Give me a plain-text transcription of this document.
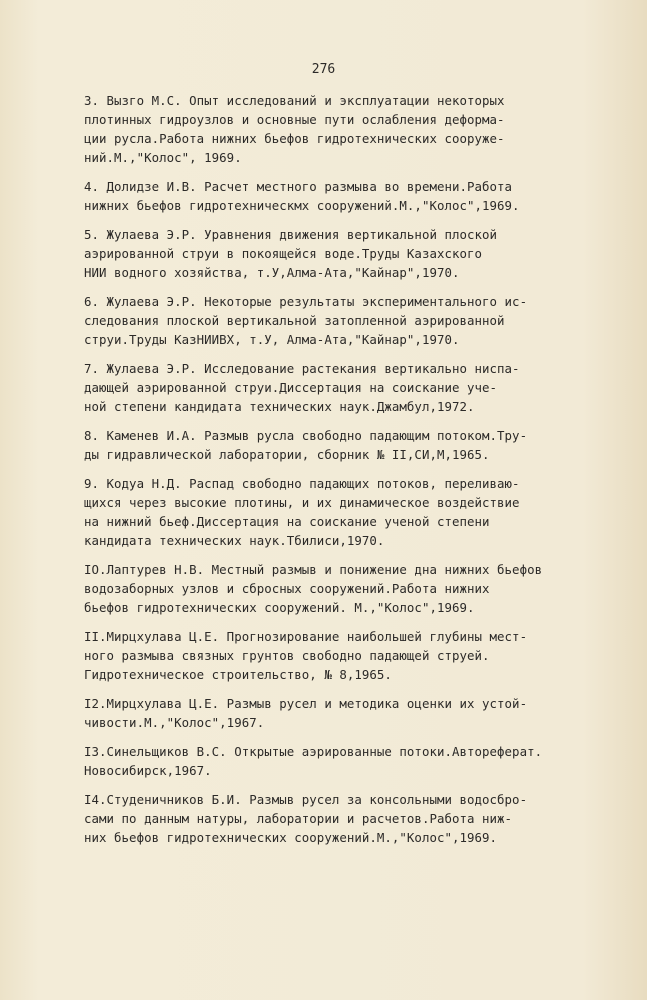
276
3. Вызго М.С. Опыт исследований и эксплуатации некоторых
плотинных гидроузлов и основные пути ослабления деформа-
ции русла.Работа нижних бьефов гидротехнических сооруже-
ний.М.,"Колос", 1969.
4. Долидзе И.В. Расчет местного размыва во времени.Работа
нижних бьефов гидротехническмх сооружений.М.,"Колос",1969.
5. Жулаева Э.Р. Уравнения движения вертикальной плоской
аэрированной струи в покоящейся воде.Труды Казахского
НИИ водного хозяйства, т.У,Алма-Ата,"Кайнар",1970.
6. Жулаева Э.Р. Некоторые результаты экспериментального ис-
следования плоской вертикальной затопленной аэрированной
струи.Труды КазНИИВХ, т.У, Алма-Ата,"Кайнар",1970.
7. Жулаева Э.Р. Исследование растекания вертикально ниспа-
дающей аэрированной струи.Диссертация на соискание уче-
ной степени кандидата технических наук.Джамбул,1972.
8. Каменев И.А. Размыв русла свободно падающим потоком.Тру-
ды гидравлической лаборатории, сборник № II,СИ,М,1965.
9. Кодуа Н.Д. Распад свободно падающих потоков, переливаю-
щихся через высокие плотины, и их динамическое воздействие
на нижний бьеф.Диссертация на соискание ученой степени
кандидата технических наук.Тбилиси,1970.
IO.Лаптурев Н.В. Местный размыв и понижение дна нижних бьефов
водозаборных узлов и сбросных сооружений.Работа нижних
бьефов гидротехнических сооружений. М.,"Колос",1969.
II.Мирцхулава Ц.Е. Прогнозирование наибольшей глубины мест-
ного размыва связных грунтов свободно падающей струей.
Гидротехническое строительство, № 8,1965.
I2.Мирцхулава Ц.Е. Размыв русел и методика оценки их устой-
чивости.М.,"Колос",1967.
I3.Синельщиков В.С. Открытые аэрированные потоки.Автореферат.
Новосибирск,1967.
I4.Студеничников Б.И. Размыв русел за консольными водосбро-
сами по данным натуры, лаборатории и расчетов.Работа ниж-
них бьефов гидротехнических сооружений.М.,"Колос",1969.
